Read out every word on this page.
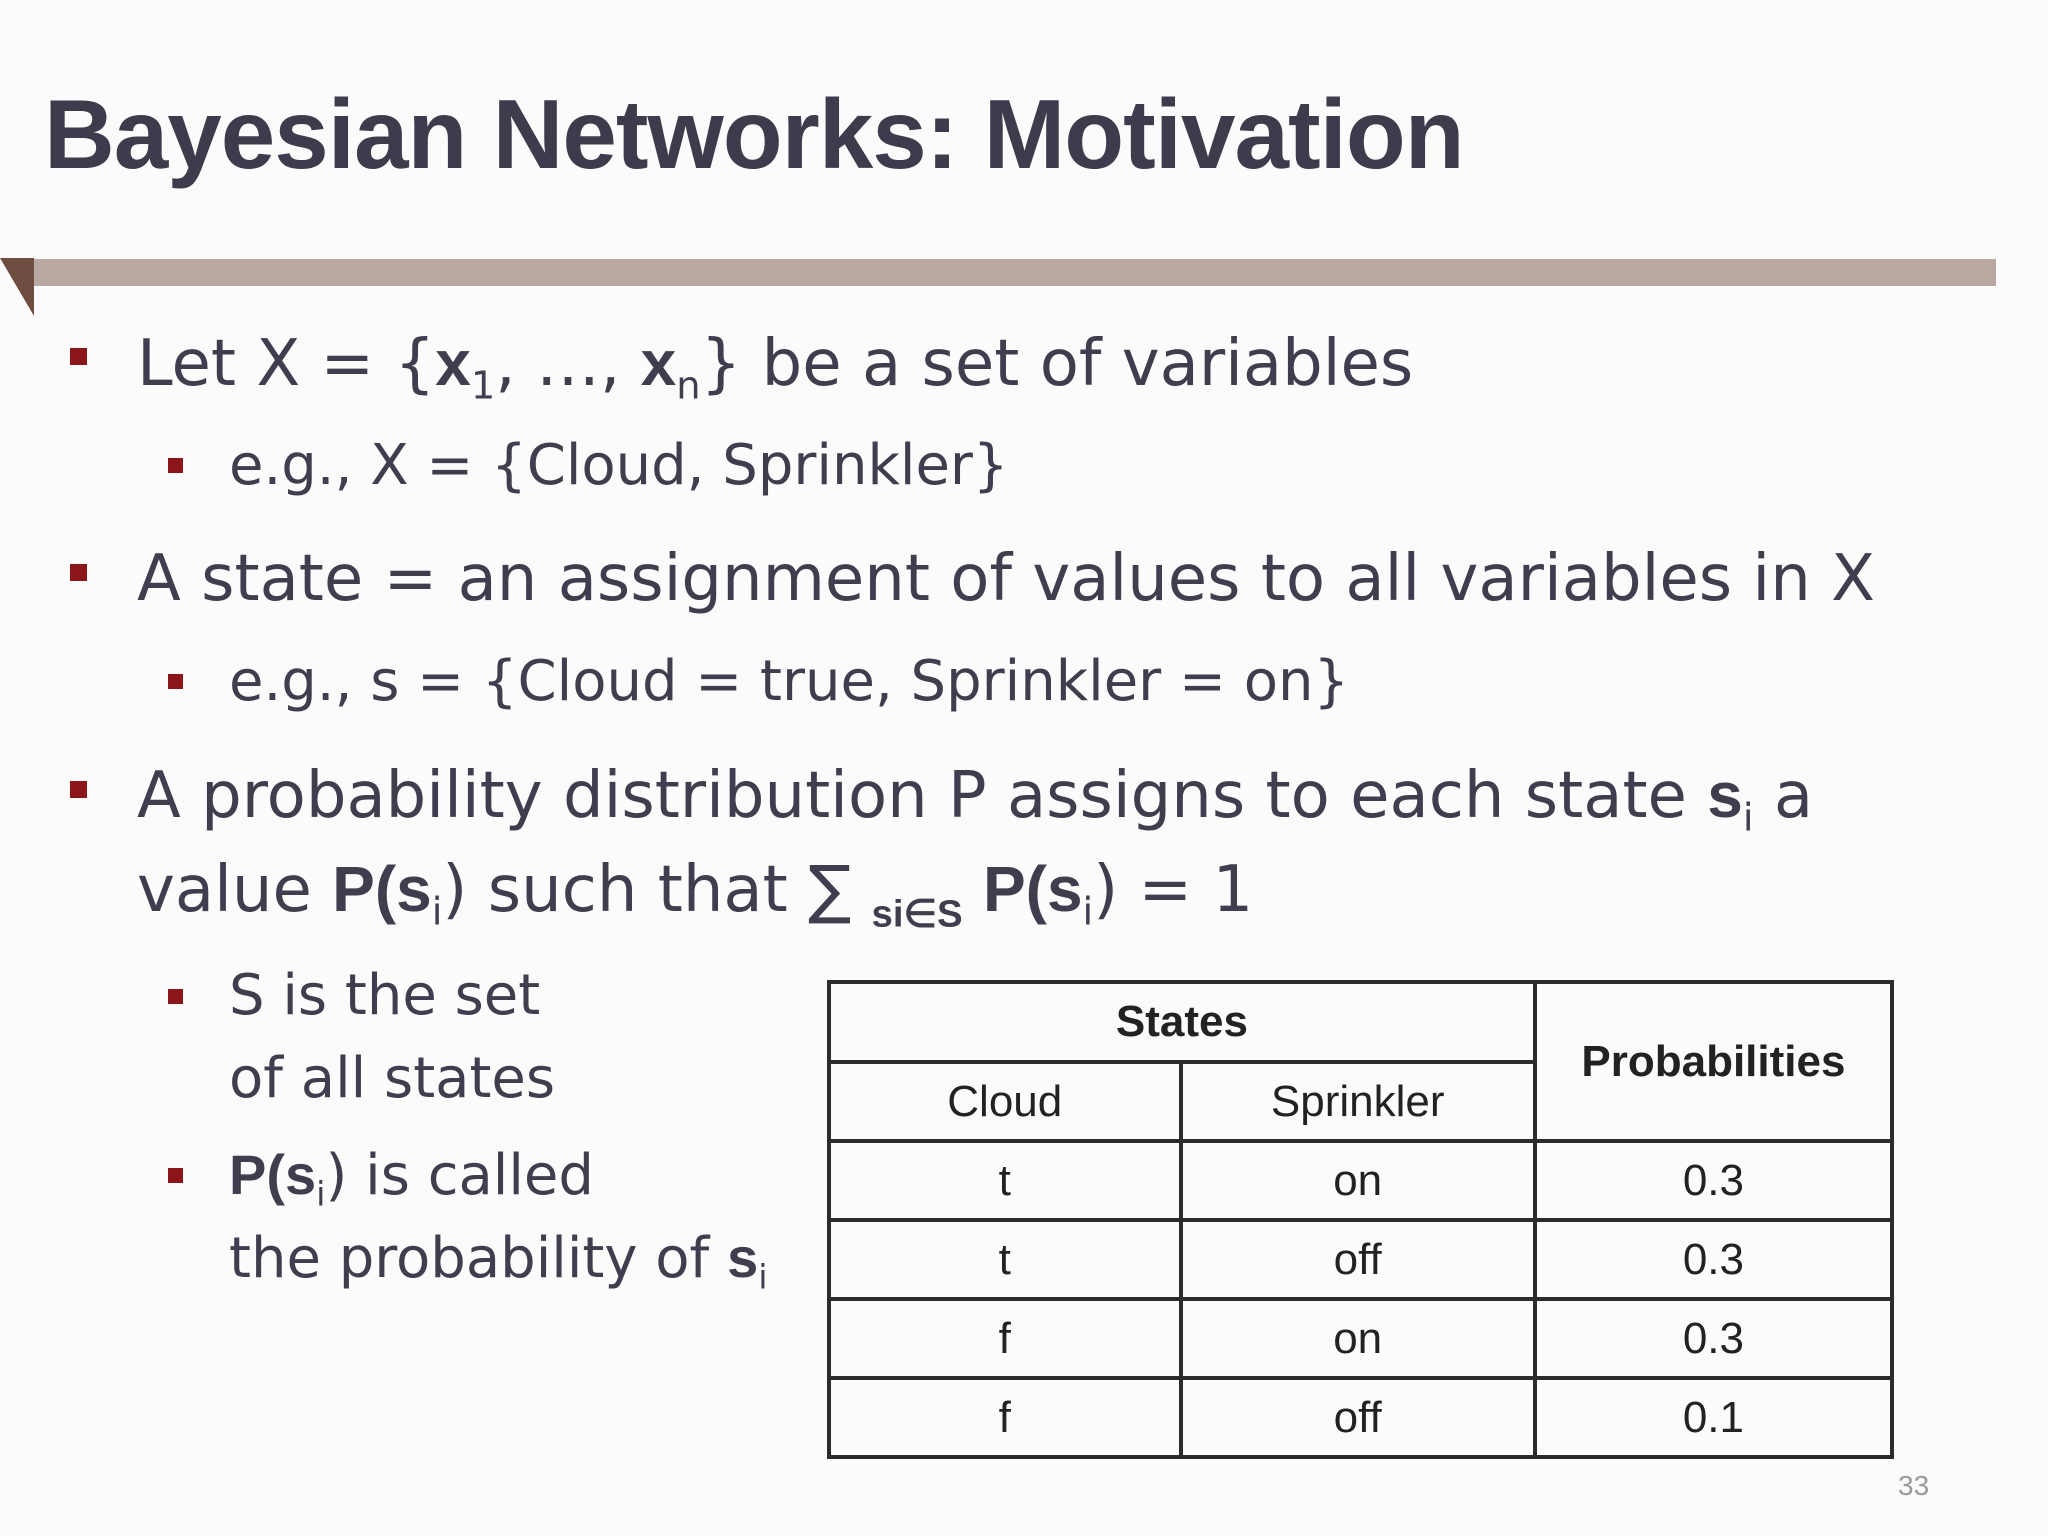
Bayesian Networks: Motivation
Let $X = \{x_1$, …, $x_n$} be a set of variables
e.g., X = {Cloud, Sprinkler}
A state = an assignment of values to all variables in X
e.g., s = {Cloud = true, Sprinkler = on}
A probability distribution P assigns to each state $s_i$ a
value $P(s_i)$ such that ∑ $_{si\in S}$ $P(s_i) = 1$
S is the set
of all states
$P(s_i)$ is called
the probability of $s_i$
States		Probabilities
Cloud	Sprinkler	
t	on	0.3
t	off	0.3
f	on	0.3
f	off	0.1
33
